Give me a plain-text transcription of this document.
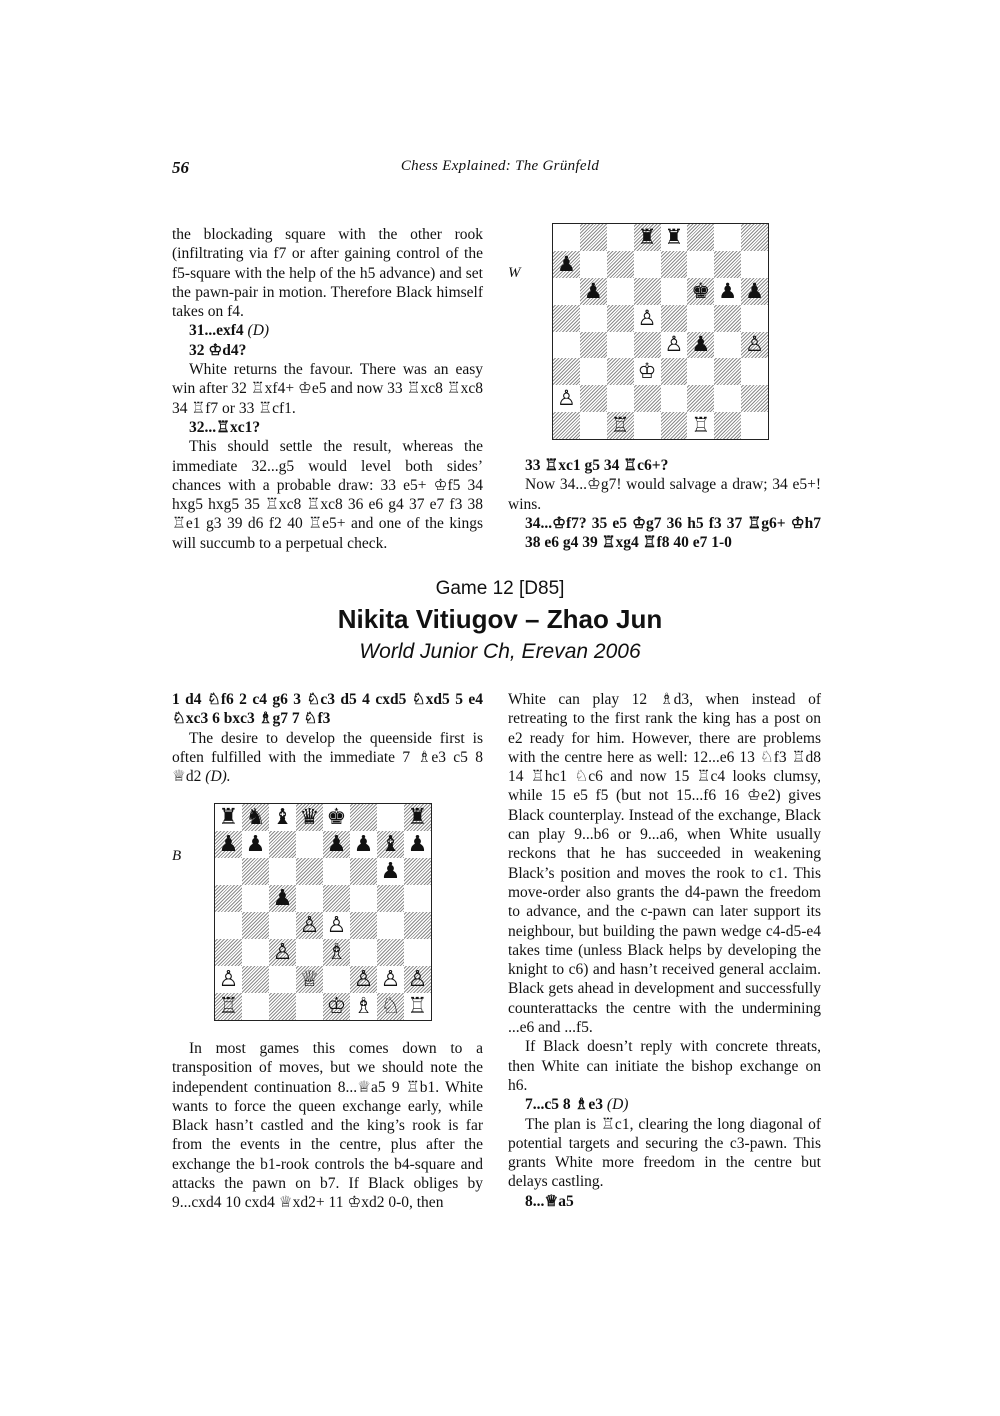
56	Chess Explained: The Grünfeld

the blockading square with the other rook (infiltrating via f7 or after gaining control of the f5-square with the help of the h5 advance) and set the pawn-pair in motion. Therefore Black himself takes on f4.

31...exf4 (D)

32 ♔d4?

White returns the favour. There was an easy win after 32 ♖xf4+ ♔e5 and now 33 ♖xc8 ♖xc8 34 ♖f7 or 33 ♖cf1.

32...♖xc1?

This should settle the result, whereas the immediate 32...g5 would level both sides’ chances with a probable draw: 33 e5+ ♔f5 34 hxg5 hxg5 35 ♖xc8 ♖xc8 36 e6 g4 37 e7 f3 38 ♖e1 g3 39 d6 f2 40 ♖e5+ and one of the kings will succumb to a perpetual check.

W
♜ ♜
♟
♟	♚ ♟ ♟
♙
♙ ♟ ♙
♔
♙
♖	♖

33 ♖xc1 g5 34 ♖c6+?

Now 34...♔g7! would salvage a draw; 34 e5+! wins.

34...♔f7? 35 e5 ♔g7 36 h5 f3 37 ♖g6+ ♔h7 38 e6 g4 39 ♖xg4 ♖f8 40 e7 1-0

Game 12 [D85]
Nikita Vitiugov – Zhao Jun
World Junior Ch, Erevan 2006

1 d4 ♘f6 2 c4 g6 3 ♘c3 d5 4 cxd5 ♘xd5 5 e4 ♘xc3 6 bxc3 ♗g7 7 ♘f3

The desire to develop the queenside first is often fulfilled with the immediate 7 ♗e3 c5 8 ♕d2 (D).

B
♜ ♞ ♝ ♛ ♚	♜
♟ ♟	♟ ♟ ♝ ♟
♟
♟
♙ ♙
♙ ♗
♙	♕ ♙ ♙ ♙
♖	♔ ♗ ♘ ♖

In most games this comes down to a transposition of moves, but we should note the independent continuation 8...♕a5 9 ♖b1. White wants to force the queen exchange early, while Black hasn’t castled and the king’s rook is far from the events in the centre, plus after the exchange the b1-rook controls the b4-square and attacks the pawn on b7. If Black obliges by 9...cxd4 10 cxd4 ♕xd2+ 11 ♔xd2 0-0, then

White can play 12 ♗d3, when instead of retreating to the first rank the king has a post on e2 ready for him. However, there are problems with the centre here as well: 12...e6 13 ♘f3 ♖d8 14 ♖hc1 ♘c6 and now 15 ♖c4 looks clumsy, while 15 e5 f5 (but not 15...f6 16 ♔e2) gives Black counterplay. Instead of the exchange, Black can play 9...b6 or 9...a6, when White usually reckons that he has succeeded in weakening Black’s position and moves the rook to c1. This move-order also grants the d4-pawn the freedom to advance, and the c-pawn can later support its neighbour, but building the pawn wedge c4-d5-e4 takes time (unless Black helps by developing the knight to c6) and hasn’t received general acclaim. Black gets ahead in development and successfully counterattacks the centre with the undermining ...e6 and ...f5.

If Black doesn’t reply with concrete threats, then White can initiate the bishop exchange on h6.

7...c5 8 ♗e3 (D)

The plan is ♖c1, clearing the long diagonal of potential targets and securing the c3-pawn. This grants White more freedom in the centre but delays castling.

8...♕a5
